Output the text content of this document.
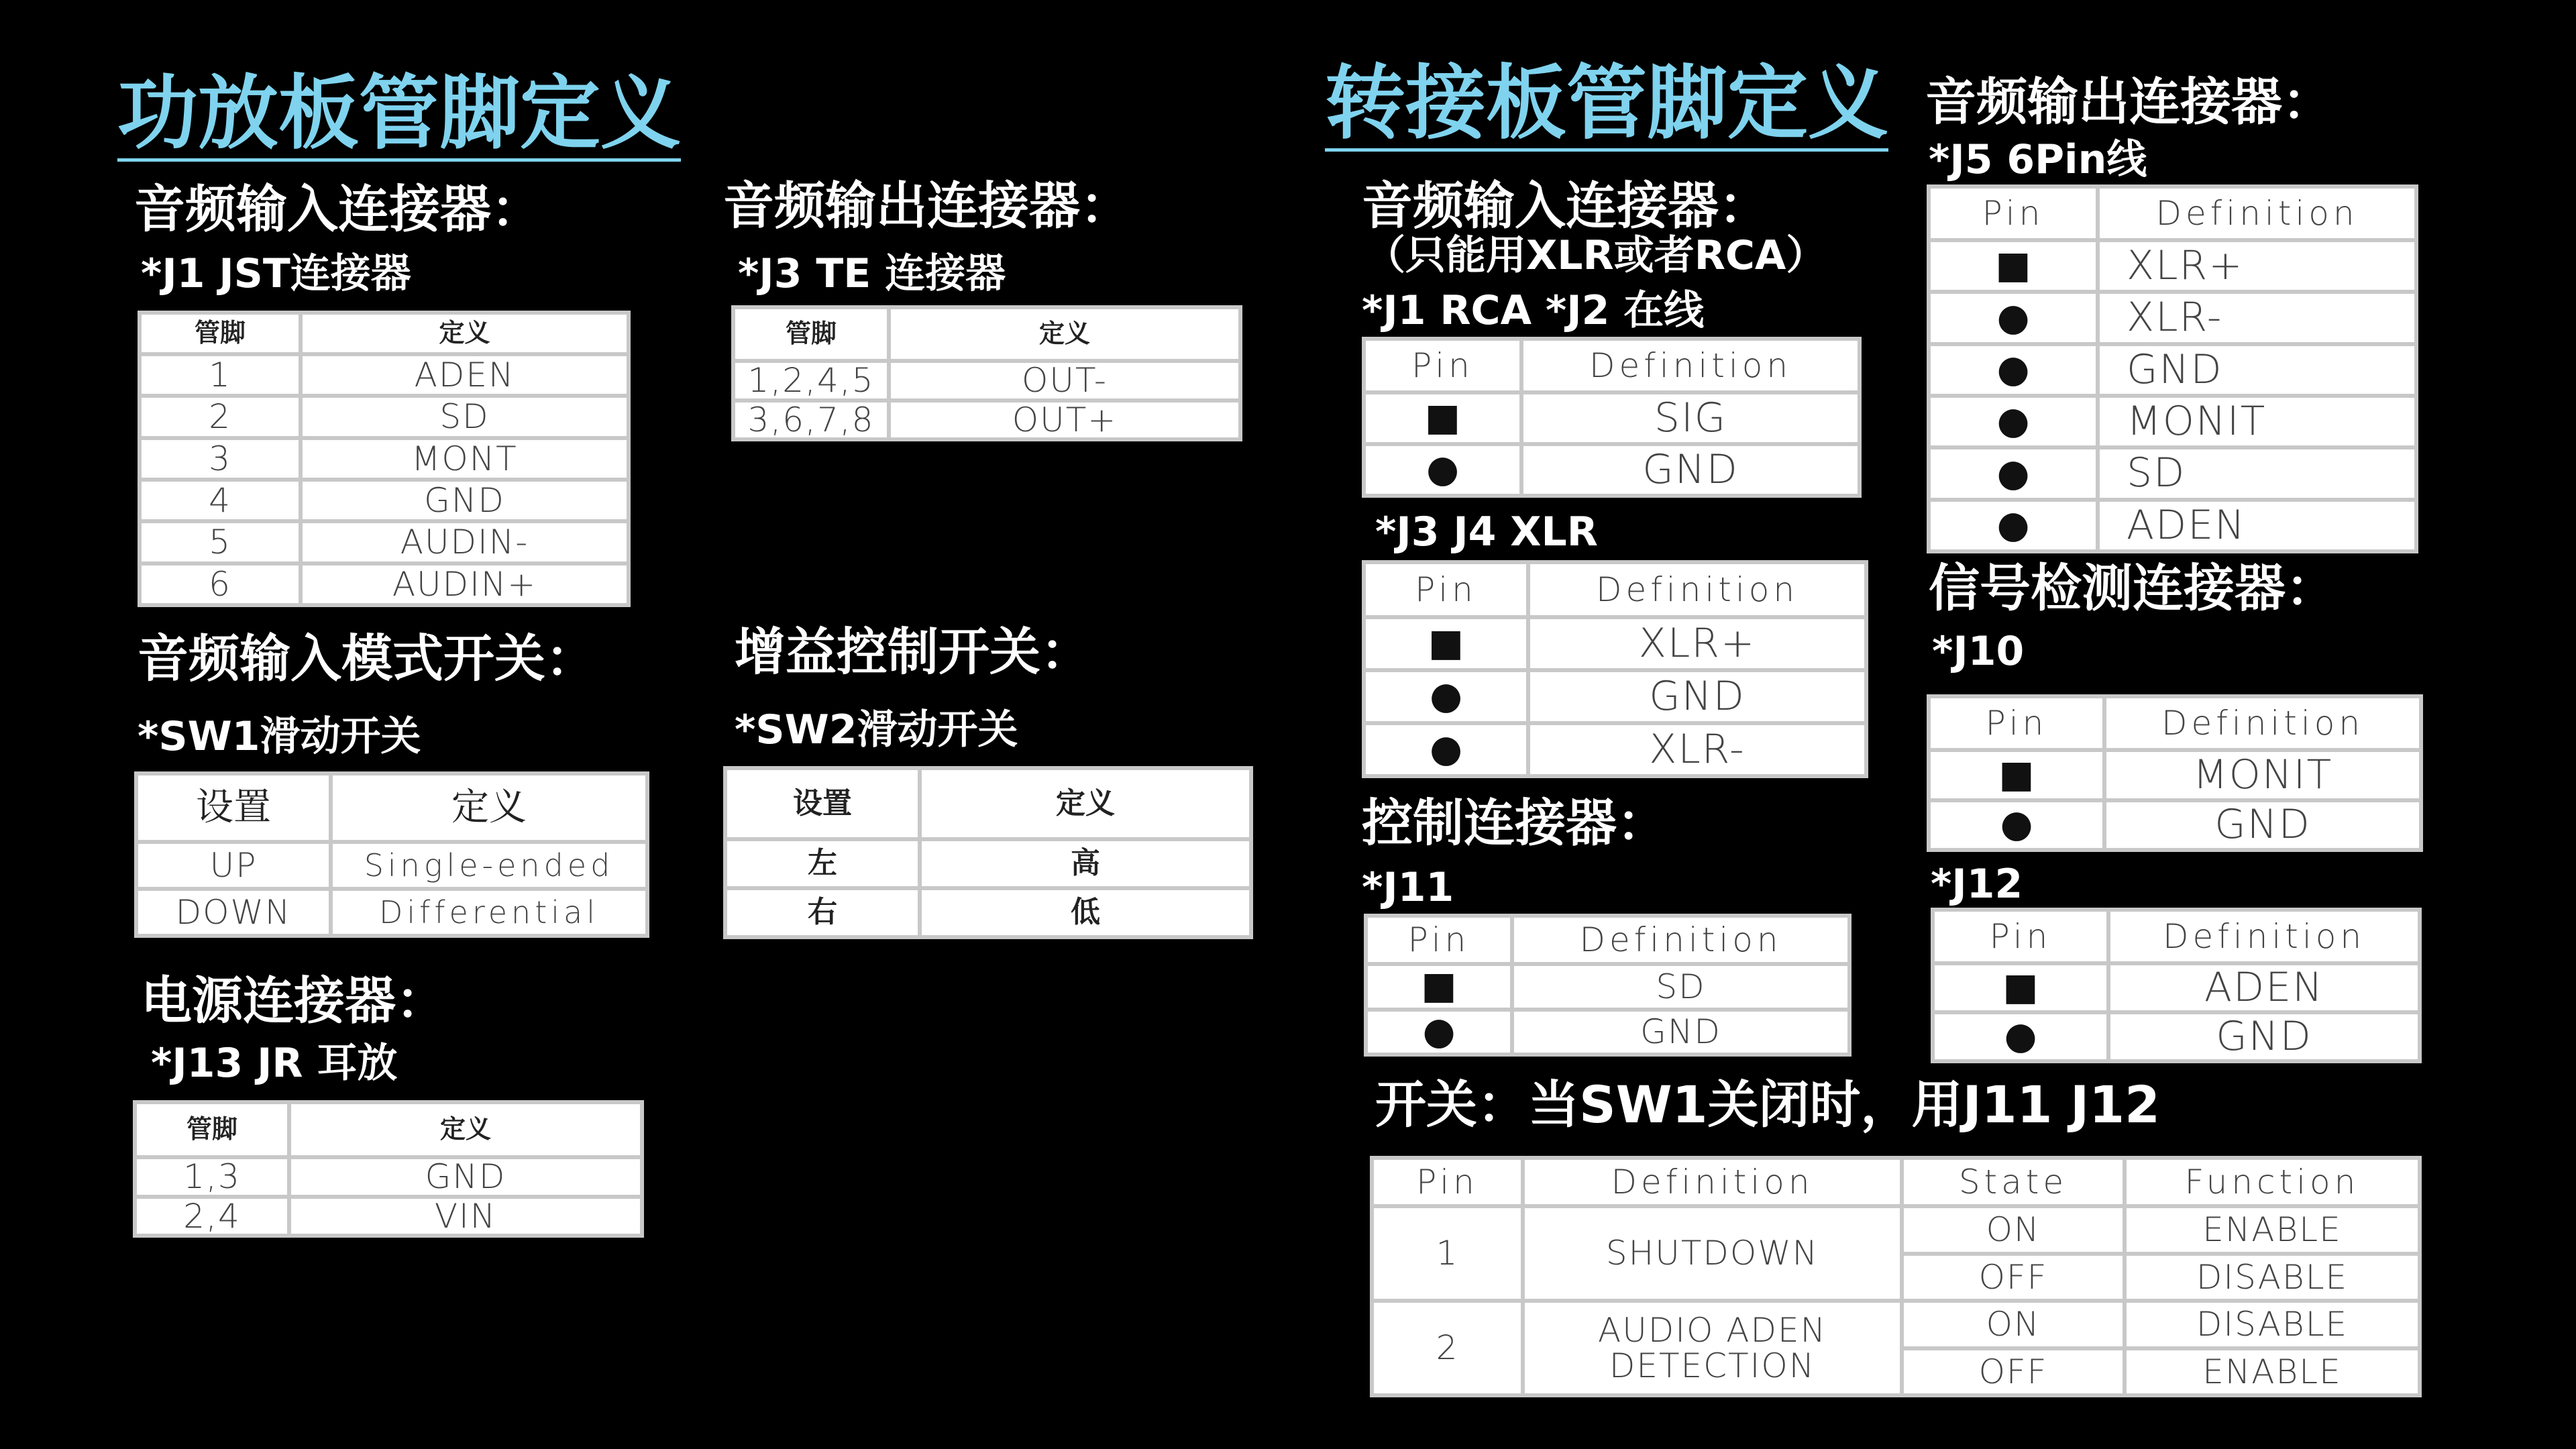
功放板管脚定义
音频输入连接器：
*J1 JST连接器
管脚	定义
1	ADEN
2	SD
3	MONT
4	GND
5	AUDIN-
6	AUDIN+
音频输出连接器：
*J3 TE 连接器
管脚	定义
1,2,4,5	OUT-
3,6,7,8	OUT+
音频输入模式开关：
*SW1滑动开关
设置	定义
UP	Single-ended
DOWN	Differential
增益控制开关：
*SW2滑动开关
设置	定义
左	高
右	低
电源连接器：
*J13 JR 耳放
管脚	定义
1,3	GND
2,4	VIN
转接板管脚定义
音频输入连接器：
（只能用XLR或者RCA）
*J1 RCA *J2 在线
Pin	Definition
■	SIG
●	GND
*J3 J4 XLR
Pin	Definition
■	XLR+
●	GND
●	XLR-
控制连接器：
*J11
Pin	Definition
■	SD
●	GND
音频输出连接器：
*J5 6Pin线
Pin	Definition
■	XLR+
●	XLR-
●	GND
●	MONIT
●	SD
●	ADEN
信号检测连接器：
*J10
Pin	Definition
■	MONIT
●	GND
*J12
Pin	Definition
■	ADEN
●	GND
开关：当SW1关闭时，用J11 J12
Pin	Definition	State	Function
1	SHUTDOWN	ON	ENABLE
		OFF	DISABLE
2	AUDIO ADEN DETECTION	ON	DISABLE
		OFF	ENABLE
